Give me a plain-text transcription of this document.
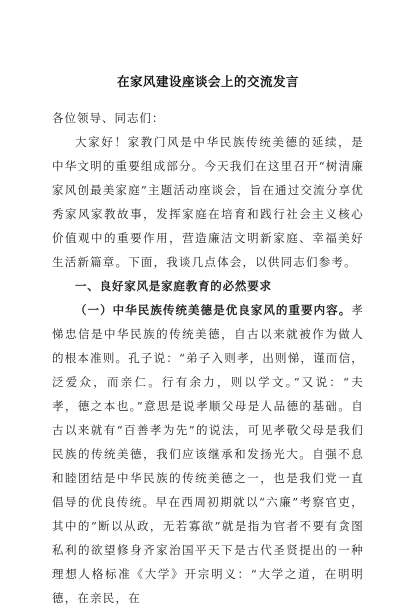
在家风建设座谈会上的交流发言

各位领导、同志们：

大家好！家教门风是中华民族传统美德的延续，是中华文明的重要组成部分。今天我们在这里召开“树清廉家风创最美家庭”主题活动座谈会，旨在通过交流分享优秀家风家教故事，发挥家庭在培育和践行社会主义核心价值观中的重要作用，营造廉洁文明新家庭、幸福美好生活新篇章。下面，我谈几点体会，以供同志们参考。

一、良好家风是家庭教育的必然要求

（一）中华民族传统美德是优良家风的重要内容。孝悌忠信是中华民族的传统美德，自古以来就被作为做人的根本准则。孔子说：“弟子入则孝，出则悌，谨而信，泛爱众，而亲仁。行有余力，则以学文。”又说：“夫孝，德之本也。”意思是说孝顺父母是人品德的基础。自古以来就有“百善孝为先”的说法，可见孝敬父母是我们民族的传统美德，我们应该继承和发扬光大。自强不息和睦团结是中华民族的传统美德之一，也是我们党一直倡导的优良传统。早在西周初期就以“六廉”考察官吏，其中的“断以从政，无若寡欲”就是指为官者不要有贪图私利的欲望修身齐家治国平天下是古代圣贤提出的一种理想人格标准《大学》开宗明义：“大学之道，在明明德，在亲民，在
